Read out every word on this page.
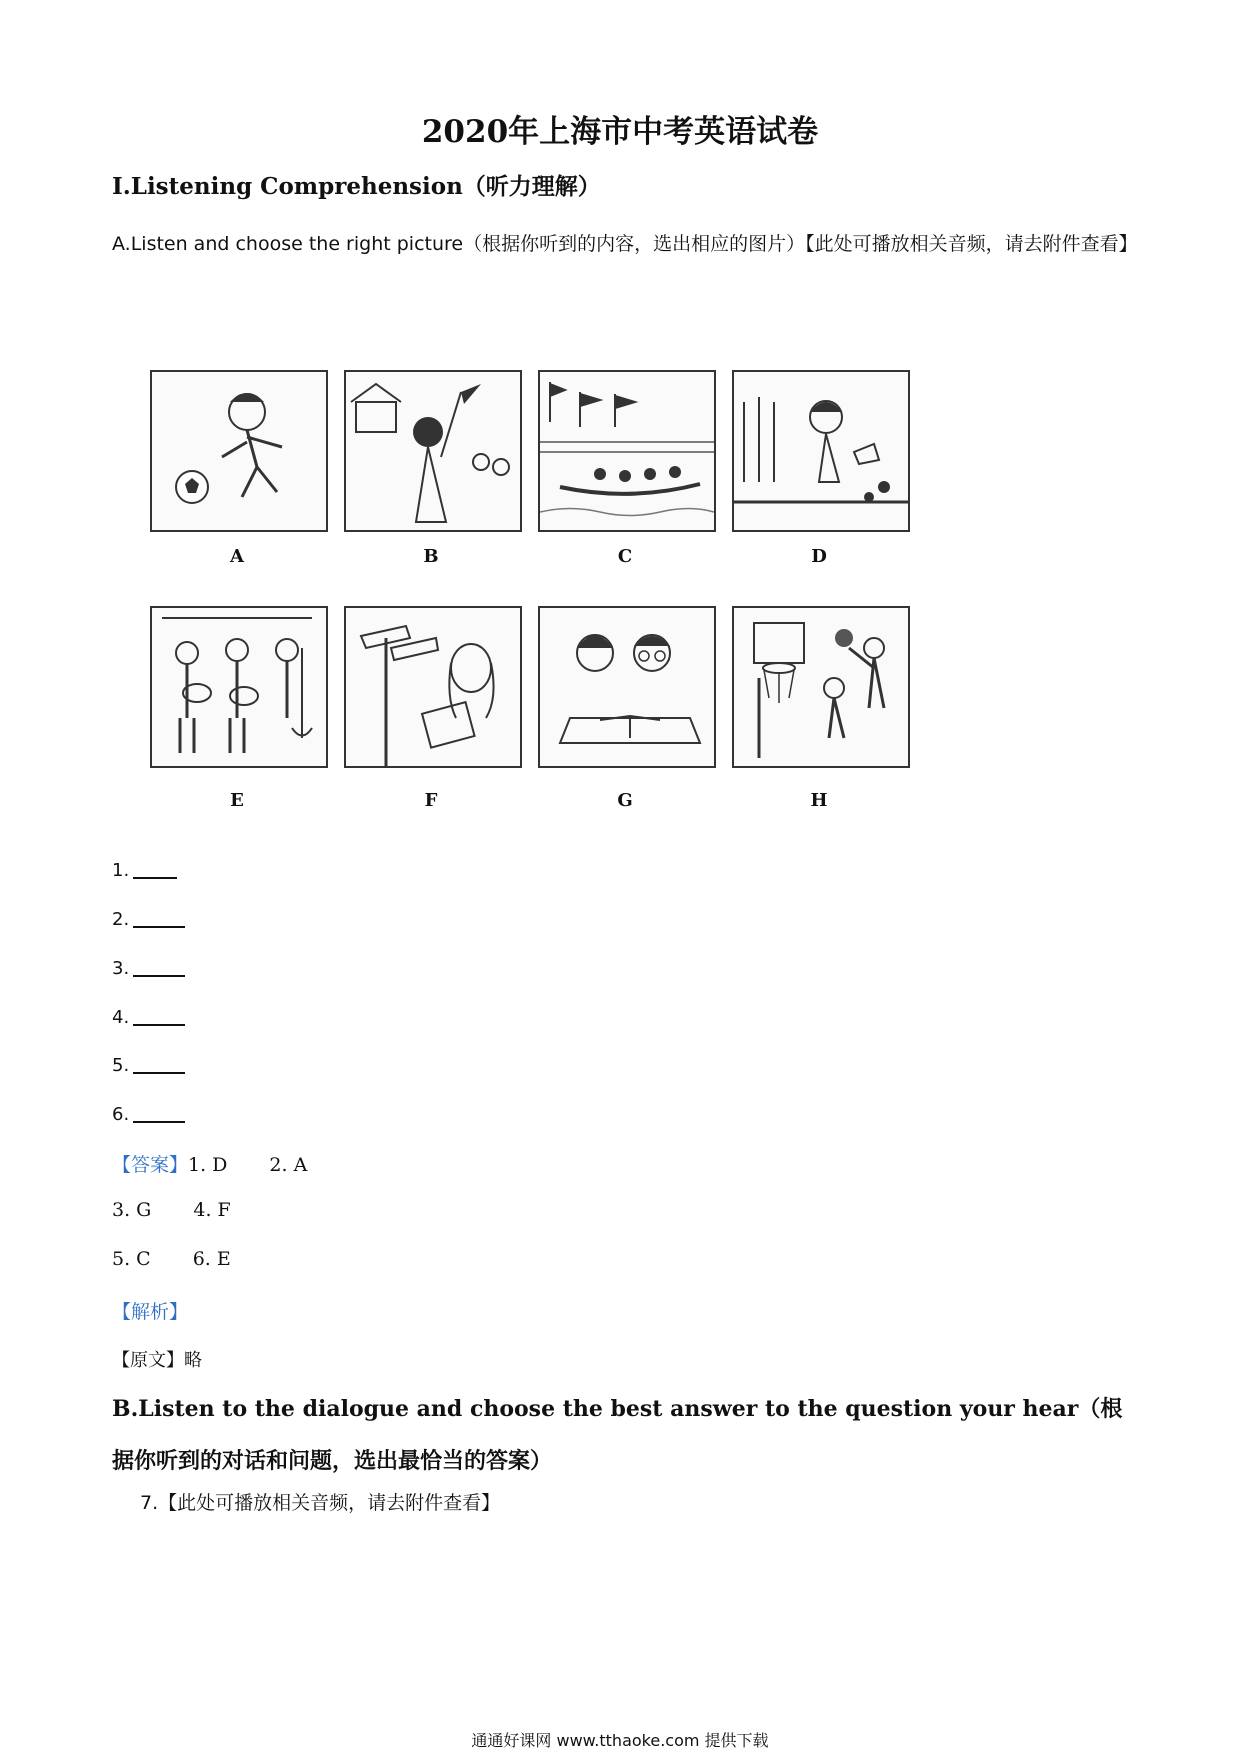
2020年上海市中考英语试卷
Ⅰ.Listening Comprehension（听力理解）
A.Listen and choose the right picture（根据你听到的内容，选出相应的图片）【此处可播放相关音频，请去附件查看】
A	B	C	D
E	F	G	H
1.
2.
3.
4.
5.
6.
【答案】1. D 2. A
3. G 4. F
5. C 6. E
【解析】
【原文】略
B.Listen to the dialogue and choose the best answer to the question your hear（根据你听到的对话和问题，选出最恰当的答案）
7.【此处可播放相关音频，请去附件查看】
通通好课网 www.tthaoke.com 提供下载
